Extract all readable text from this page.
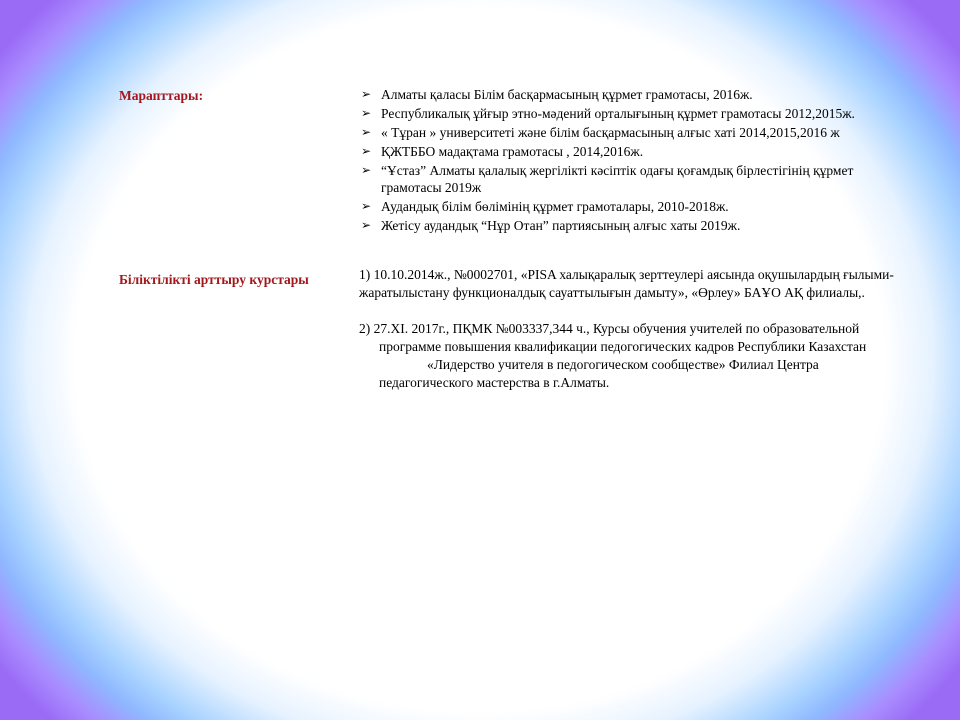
Марапттары:	➢ Алматы қаласы Білім басқармасының құрмет грамотасы, 2016ж.
➢ Республикалық ұйғыр этно-мәдений орталығының құрмет грамотасы 2012,2015ж.
➢ « Тұран » университеті және білім басқармасының алғыс хаті 2014,2015,2016 ж
➢ ҚЖТББО мадақтама грамотасы , 2014,2016ж.
➢ “Ұстаз” Алматы қалалық жергілікті кәсіптік одағы қоғамдық бірлестігінің құрмет грамотасы 2019ж
➢ Аудандық білім бөлімінің құрмет грамоталары, 2010-2018ж.
➢ Жетісу аудандық “Нұр Отан” партиясының алғыс хаты 2019ж.
Біліктілікті арттыру курстары	1) 10.10.2014ж., №0002701, «PISA халықаралық зерттеулері аясында оқушылардың ғылыми- жаратылыстану функционалдық сауаттылығын дамыту», «Өрлеу» БАҰО АҚ филиалы,.

2) 27.ХІ. 2017г., ПҚМК №003337,344 ч., Курсы обучения учителей по образовательной программе повышения квалификации педогогических кадров Республики Казахстан«Лидерство учителя в педогогическом сообществе» Филиал Центра педагогического мастерства в г.Алматы.
